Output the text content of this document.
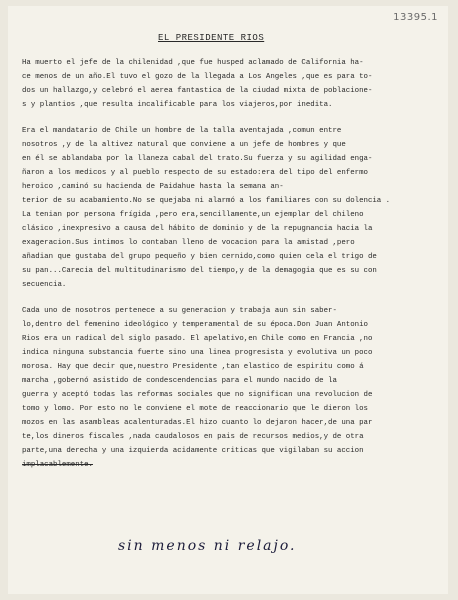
13395.1
EL PRESIDENTE RIOS
Ha muerto el jefe de la chilenidad ,que fue husped aclamado de California ha-
ce menos de un año.El tuvo el gozo de la llegada a Los Angeles ,que es para to-
dos un hallazgo,y celebró el aerea fantastica de la ciudad mixta de poblacione-
s y plantios ,que resulta incalificable para los viajeros,por inedita.
Era el mandatario de Chile un hombre de la talla aventajada ,comun entre
nosotros ,y de la altivez natural que conviene a un jefe de hombres y que
en él se ablandaba por la llaneza cabal del trato.Su fuerza y su agilidad enga-
ñaron a los medicos y al pueblo respecto de su estado:era del tipo del enfermo
heroico ,caminó su hacienda de Paidahue hasta la semana an-
terior de su acabamiento.No se quejaba ni alarmó a los familiares con su dolencia .
La tenian por persona frígida ,pero era,sencillamente,un ejemplar del chileno
clásico ,inexpresivo a causa del hábito de dominio y de la repugnancia hacia la
exageracion.Sus intimos lo contaban lleno de vocacion para la amistad ,pero
añadian que gustaba del grupo pequeño y bien cernido,como quien cela el trigo de
su pan...Carecia del multitudinarismo del tiempo,y de la demagogia que es su con
secuencia.
Cada uno de nosotros pertenece a su generacion y trabaja aun sin saber-
lo,dentro del femenino ideológico y temperamental de su época.Don Juan Antonio
Rios era un radical del siglo pasado. El apelativo,en Chile como en Francia ,no
indica ninguna substancia fuerte sino una linea progresista y evolutiva un poco
morosa. Hay que decir que,nuestro Presidente ,tan elastico de espiritu como á
marcha ,gobernó asistido de condescendencias para el mundo nacido de la
guerra y aceptó todas las reformas sociales que no significan una revolucion de
tomo y lomo. Por esto no le conviene el mote de reaccionario que le dieron los
mozos en las asambleas acalenturadas.El hizo cuanto lo dejaron hacer,de una par
te,los dineros fiscales ,nada caudalosos en pais de recursos medios,y de otra
parte,una derecha y una izquierda acidamente criticas que vigilaban su accion
implacablemente.
sin menos ni relajo.
